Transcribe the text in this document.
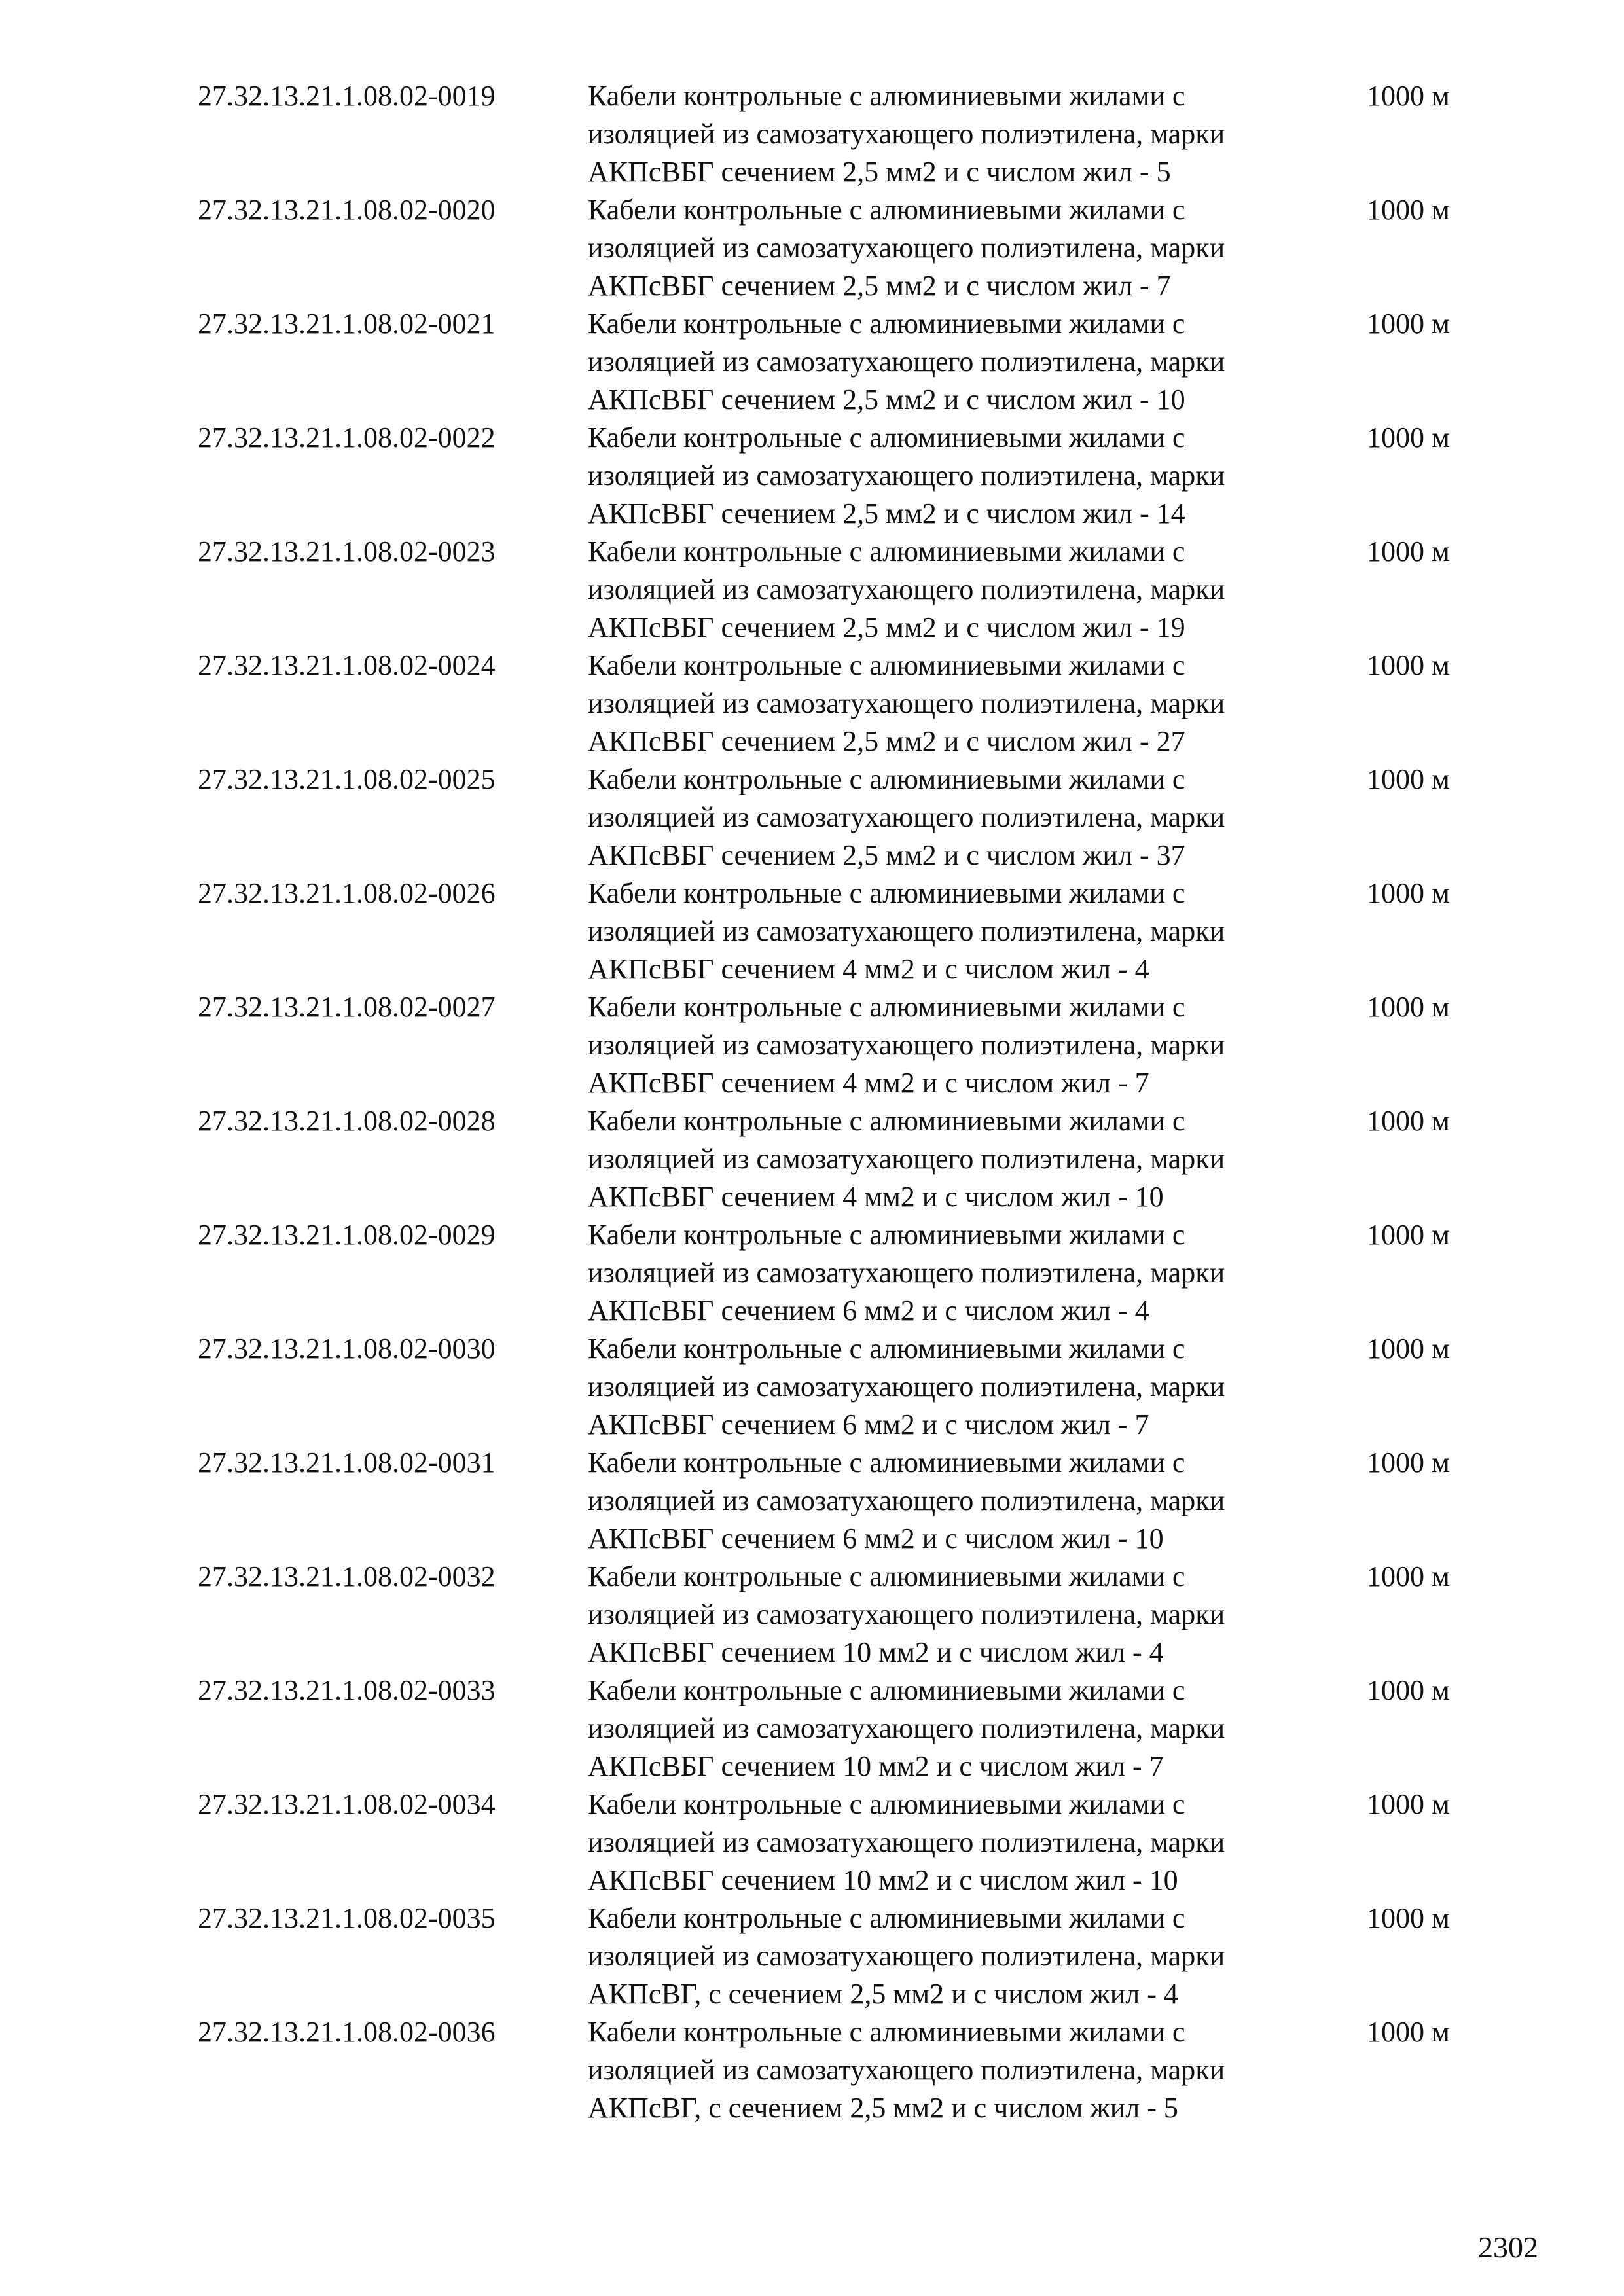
27.32.13.21.1.08.02-0019	Кабели контрольные с алюминиевыми жилами с
изоляцией из самозатухающего полиэтилена, марки
АКПсВБГ сечением 2,5 мм2 и с числом жил - 5
1000 м
27.32.13.21.1.08.02-0020	Кабели контрольные с алюминиевыми жилами с
изоляцией из самозатухающего полиэтилена, марки
АКПсВБГ сечением 2,5 мм2 и с числом жил - 7
1000 м
27.32.13.21.1.08.02-0021	Кабели контрольные с алюминиевыми жилами с
изоляцией из самозатухающего полиэтилена, марки
АКПсВБГ сечением 2,5 мм2 и с числом жил - 10
1000 м
27.32.13.21.1.08.02-0022	Кабели контрольные с алюминиевыми жилами с
изоляцией из самозатухающего полиэтилена, марки
АКПсВБГ сечением 2,5 мм2 и с числом жил - 14
1000 м
27.32.13.21.1.08.02-0023	Кабели контрольные с алюминиевыми жилами с
изоляцией из самозатухающего полиэтилена, марки
АКПсВБГ сечением 2,5 мм2 и с числом жил - 19
1000 м
27.32.13.21.1.08.02-0024	Кабели контрольные с алюминиевыми жилами с
изоляцией из самозатухающего полиэтилена, марки
АКПсВБГ сечением 2,5 мм2 и с числом жил - 27
1000 м
27.32.13.21.1.08.02-0025	Кабели контрольные с алюминиевыми жилами с
изоляцией из самозатухающего полиэтилена, марки
АКПсВБГ сечением 2,5 мм2 и с числом жил - 37
1000 м
27.32.13.21.1.08.02-0026	Кабели контрольные с алюминиевыми жилами с
изоляцией из самозатухающего полиэтилена, марки
АКПсВБГ сечением 4 мм2 и с числом жил - 4
1000 м
27.32.13.21.1.08.02-0027	Кабели контрольные с алюминиевыми жилами с
изоляцией из самозатухающего полиэтилена, марки
АКПсВБГ сечением 4 мм2 и с числом жил - 7
1000 м
27.32.13.21.1.08.02-0028	Кабели контрольные с алюминиевыми жилами с
изоляцией из самозатухающего полиэтилена, марки
АКПсВБГ сечением 4 мм2 и с числом жил - 10
1000 м
27.32.13.21.1.08.02-0029	Кабели контрольные с алюминиевыми жилами с
изоляцией из самозатухающего полиэтилена, марки
АКПсВБГ сечением 6 мм2 и с числом жил - 4
1000 м
27.32.13.21.1.08.02-0030	Кабели контрольные с алюминиевыми жилами с
изоляцией из самозатухающего полиэтилена, марки
АКПсВБГ сечением 6 мм2 и с числом жил - 7
1000 м
27.32.13.21.1.08.02-0031	Кабели контрольные с алюминиевыми жилами с
изоляцией из самозатухающего полиэтилена, марки
АКПсВБГ сечением 6 мм2 и с числом жил - 10
1000 м
27.32.13.21.1.08.02-0032	Кабели контрольные с алюминиевыми жилами с
изоляцией из самозатухающего полиэтилена, марки
АКПсВБГ сечением 10 мм2 и с числом жил - 4
1000 м
27.32.13.21.1.08.02-0033	Кабели контрольные с алюминиевыми жилами с
изоляцией из самозатухающего полиэтилена, марки
АКПсВБГ сечением 10 мм2 и с числом жил - 7
1000 м
27.32.13.21.1.08.02-0034	Кабели контрольные с алюминиевыми жилами с
изоляцией из самозатухающего полиэтилена, марки
АКПсВБГ сечением 10 мм2 и с числом жил - 10
1000 м
27.32.13.21.1.08.02-0035	Кабели контрольные с алюминиевыми жилами с
изоляцией из самозатухающего полиэтилена, марки
АКПсВГ, с сечением 2,5 мм2 и с числом жил - 4
1000 м
27.32.13.21.1.08.02-0036	Кабели контрольные с алюминиевыми жилами с
изоляцией из самозатухающего полиэтилена, марки
АКПсВГ, с сечением 2,5 мм2 и с числом жил - 5
1000 м
2302
